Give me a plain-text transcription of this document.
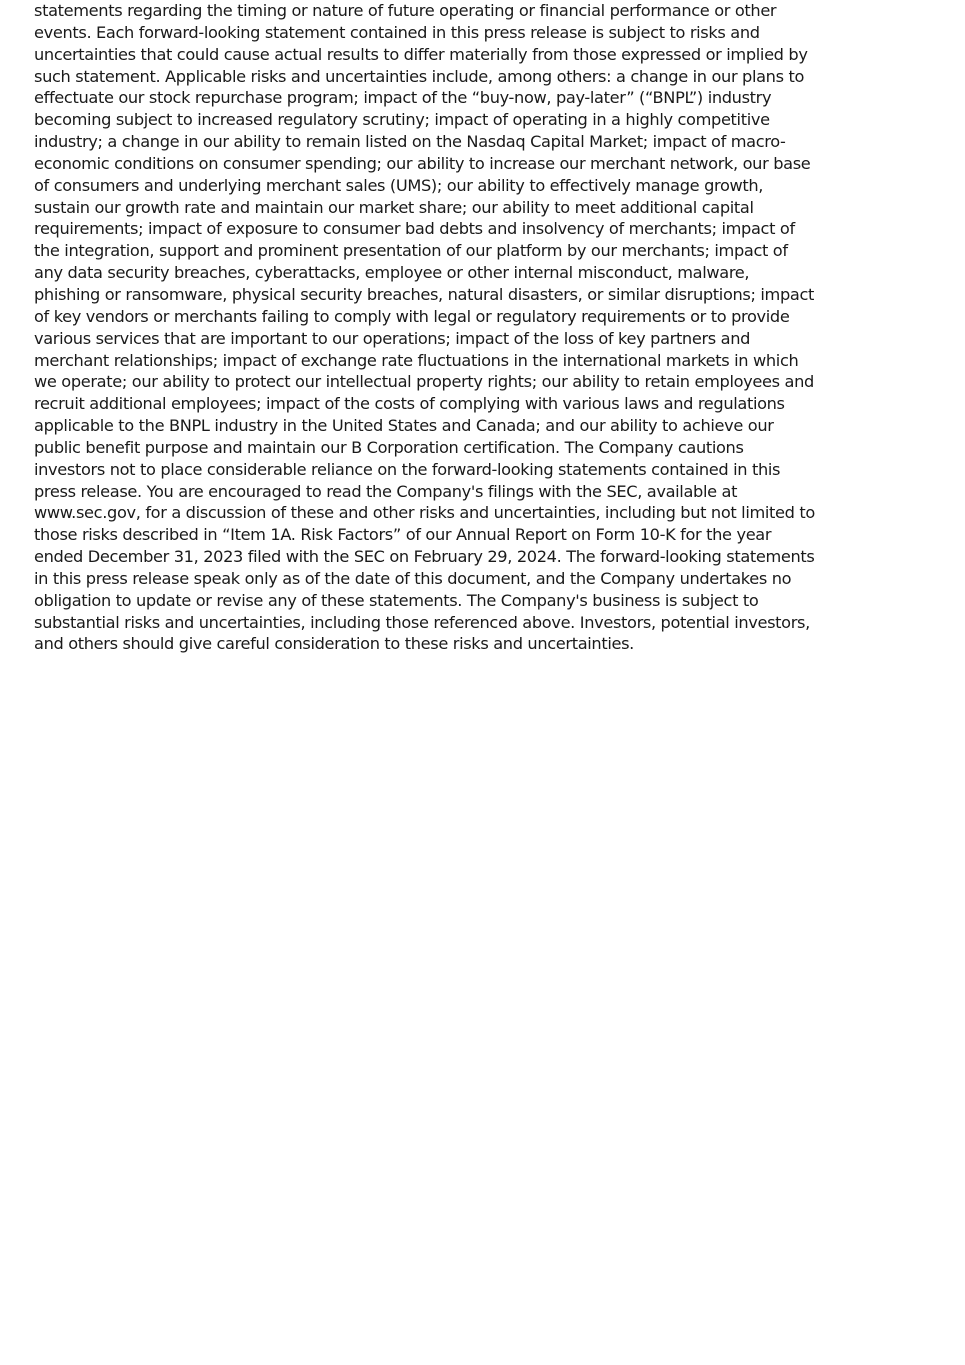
statements regarding the timing or nature of future operating or financial performance or other
events. Each forward-looking statement contained in this press release is subject to risks and
uncertainties that could cause actual results to differ materially from those expressed or implied by
such statement. Applicable risks and uncertainties include, among others: a change in our plans to
effectuate our stock repurchase program; impact of the “buy-now, pay-later” (“BNPL”) industry
becoming subject to increased regulatory scrutiny; impact of operating in a highly competitive
industry; a change in our ability to remain listed on the Nasdaq Capital Market; impact of macro-
economic conditions on consumer spending; our ability to increase our merchant network, our base
of consumers and underlying merchant sales (UMS); our ability to effectively manage growth,
sustain our growth rate and maintain our market share; our ability to meet additional capital
requirements; impact of exposure to consumer bad debts and insolvency of merchants; impact of
the integration, support and prominent presentation of our platform by our merchants; impact of
any data security breaches, cyberattacks, employee or other internal misconduct, malware,
phishing or ransomware, physical security breaches, natural disasters, or similar disruptions; impact
of key vendors or merchants failing to comply with legal or regulatory requirements or to provide
various services that are important to our operations; impact of the loss of key partners and
merchant relationships; impact of exchange rate fluctuations in the international markets in which
we operate; our ability to protect our intellectual property rights; our ability to retain employees and
recruit additional employees; impact of the costs of complying with various laws and regulations
applicable to the BNPL industry in the United States and Canada; and our ability to achieve our
public benefit purpose and maintain our B Corporation certification. The Company cautions
investors not to place considerable reliance on the forward-looking statements contained in this
press release. You are encouraged to read the Company's filings with the SEC, available at
www.sec.gov, for a discussion of these and other risks and uncertainties, including but not limited to
those risks described in “Item 1A. Risk Factors” of our Annual Report on Form 10-K for the year
ended December 31, 2023 filed with the SEC on February 29, 2024. The forward-looking statements
in this press release speak only as of the date of this document, and the Company undertakes no
obligation to update or revise any of these statements. The Company's business is subject to
substantial risks and uncertainties, including those referenced above. Investors, potential investors,
and others should give careful consideration to these risks and uncertainties.
